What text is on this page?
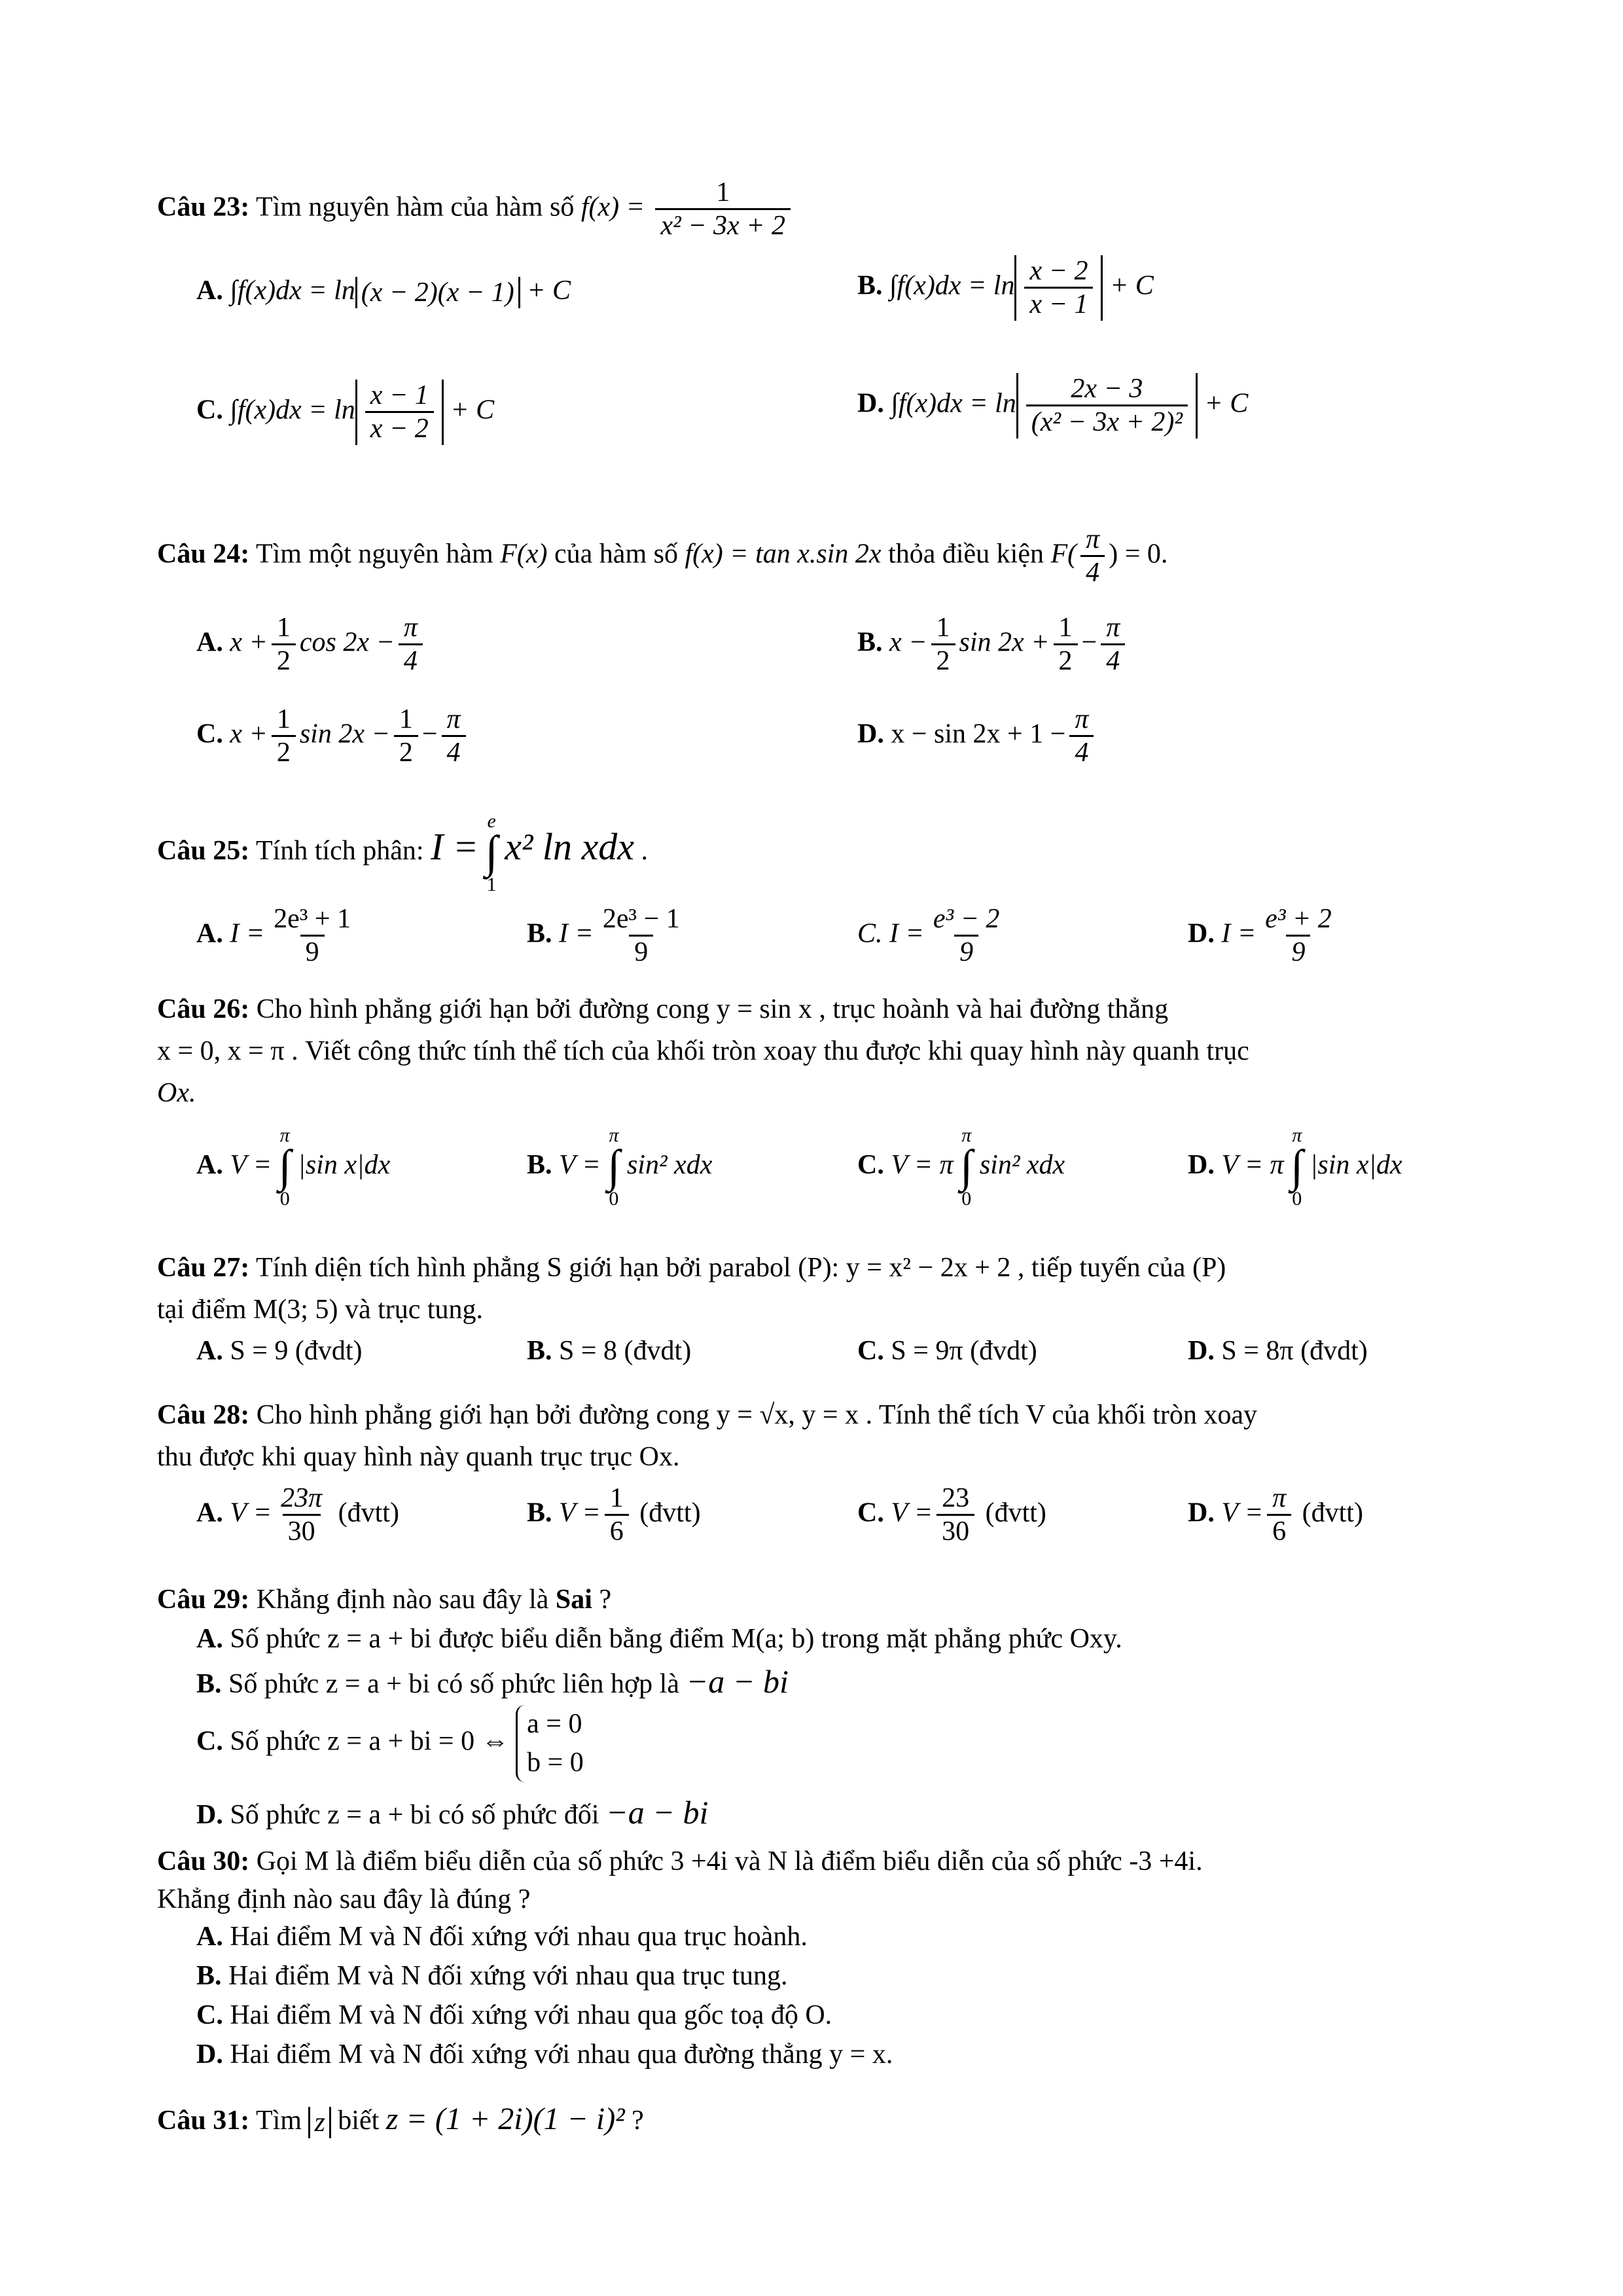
Câu 23: Tìm nguyên hàm của hàm số $f(x) = \frac{1}{\text{x² − 3x + 2}}$
A. ∫f(x)dx = ln (x − 2)(x − 1) + C	B. $\int f(x)dx = \ln \frac{x - 2}{x - 1} + C$
C. $\int f(x)dx = \ln \frac{x - 1}{x - 2} + C$	D. $\int f(x)dx = \ln \frac{2x - 3}{\text{(x² − 3x + 2)²}} + C$
Câu 24: Tìm một nguyên hàm F(x) của hàm số f(x) = tan x.sin 2x thỏa điều kiện $F( \frac{\pi}{4}$ ) = 0.
A. $x + \frac{1}{2}$ $\cos 2x - \frac{\pi}{4}$	B. $x - \frac{1}{2}$ $\sin 2x + \frac{1}{2} - \frac{\pi}{4}$
C. $x + \frac{1}{2}$ $\sin 2x - \frac{1}{2} - \frac{\pi}{4}$	D. $x - \sin 2x + 1 - \frac{\pi}{4}$
Câu 25: Tính tích phân: I =
e
∫
1
x² ln xdx .
A. $I = \frac{\text{2e³ + 1}}{9}$	B. $I = \frac{\text{2e³ − 1}}{9}$	C. $I = \frac{\text{e³ − 2}}{9}$	D. $I = \frac{\text{e³ + 2}}{9}$

Câu 26: Cho hình phẳng giới hạn bởi đường cong y = sin x , trục hoành và hai đường thẳng

x = 0, x = π . Viết công thức tính thể tích của khối tròn xoay thu được khi quay hình này quanh trục

Ox.

A. V =
π
∫
0
|sin x|dx	B. V =
π
∫
0
sin² xdx	C. V = π
π
∫
0
sin² xdx	D. V = π
π
∫
0
|sin x|dx

Câu 27: Tính diện tích hình phẳng S giới hạn bởi parabol (P): y = x² − 2x + 2 , tiếp tuyến của (P)

tại điểm M(3; 5) và trục tung.

A. S = 9 (đvdt)	B. S = 8 (đvdt)	C. S = 9π (đvdt)	D. S = 8π (đvdt)

Câu 28: Cho hình phẳng giới hạn bởi đường cong y = √x, y = x . Tính thể tích V của khối tròn xoay

thu được khi quay hình này quanh trục trục Ox.

A. $V = \frac{23\pi}{30}$ (đvtt)	B. $V = \frac{1}{6}$ (đvtt)	C. $V = \frac{23}{30}$ (đvtt)	D. $V = \frac{\pi}{6}$ (đvtt)
Câu 29: Khẳng định nào sau đây là Sai ?
A. Số phức z = a + bi được biểu diễn bằng điểm M(a; b) trong mặt phẳng phức Oxy.
B. Số phức z = a + bi có số phức liên hợp là −a − bi
C. Số phức z = a + bi = 0 ⇔
a = 0
b = 0
D. Số phức z = a + bi có số phức đối −a − bi

Câu 30: Gọi M là điểm biểu diễn của số phức 3 +4i và N là điểm biểu diễn của số phức -3 +4i.

Khẳng định nào sau đây là đúng ?

A. Hai điểm M và N đối xứng với nhau qua trục hoành.
B. Hai điểm M và N đối xứng với nhau qua trục tung.
C. Hai điểm M và N đối xứng với nhau qua gốc toạ độ O.
D. Hai điểm M và N đối xứng với nhau qua đường thẳng y = x.
Câu 31: Tìm z biết z = (1 + 2i)(1 − i)² ?
